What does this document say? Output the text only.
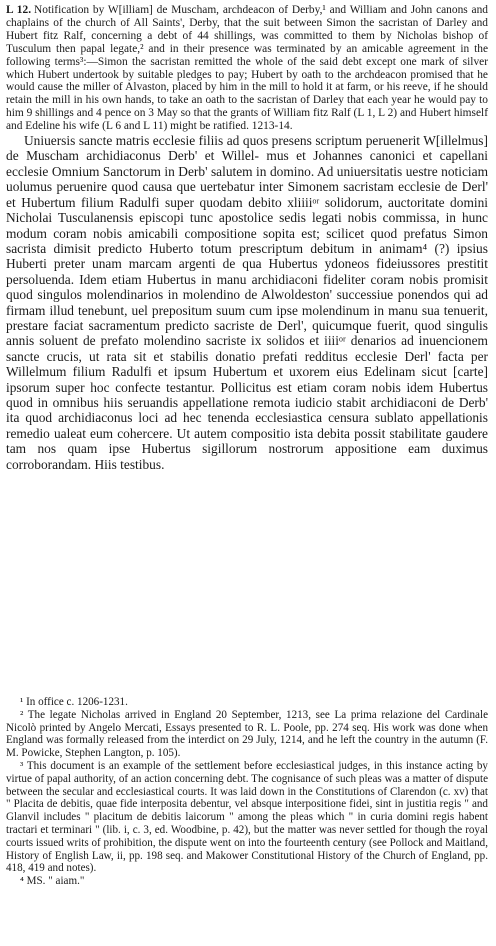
L 12. Notification by W[illiam] de Muscham, archdeacon of Derby,¹ and William and John canons and chaplains of the church of All Saints', Derby, that the suit between Simon the sacristan of Darley and Hubert fitz Ralf, concerning a debt of 44 shillings, was committed to them by Nicholas bishop of Tusculum then papal legate,² and in their presence was terminated by an amicable agreement in the following terms³:—Simon the sacristan remitted the whole of the said debt except one mark of silver which Hubert undertook by suitable pledges to pay; Hubert by oath to the archdeacon promised that he would cause the miller of Alvaston, placed by him in the mill to hold it at farm, or his reeve, if he should retain the mill in his own hands, to take an oath to the sacristan of Darley that each year he would pay to him 9 shillings and 4 pence on 3 May so that the grants of William fitz Ralf (L 1, L 2) and Hubert himself and Edeline his wife (L 6 and L 11) might be ratified. 1213-14.

Uniuersis sancte matris ecclesie filiis ad quos presens scriptum peruenerit W[illelmus] de Muscham archidiaconus Derb' et Willel- mus et Johannes canonici et capellani ecclesie Omnium Sanctorum in Derb' salutem in domino. Ad uniuersitatis uestre noticiam uolumus peruenire quod causa que uertebatur inter Simonem sacristam ecclesie de Derl' et Hubertum filium Radulfi super quodam debito xliiiiᵒʳ solidorum, auctoritate domini Nicholai Tusculanensis episcopi tunc apostolice sedis legati nobis commissa, in hunc modum coram nobis amicabili compositione sopita est; scilicet quod prefatus Simon sacrista dimisit predicto Huberto totum prescriptum debitum in animam⁴ (?) ipsius Huberti preter unam marcam argenti de qua Hubertus ydoneos fideiussores prestitit persoluenda. Idem etiam Hubertus in manu archidiaconi fideliter coram nobis promisit quod singulos molendinarios in molendino de Alwoldeston' successiue ponendos qui ad firmam illud tenebunt, uel prepositum suum cum ipse molendinum in manu sua tenuerit, prestare faciat sacramentum predicto sacriste de Derl', quicumque fuerit, quod singulis annis soluent de prefato molendino sacriste ix solidos et iiiiᵒʳ denarios ad inuencionem sancte crucis, ut rata sit et stabilis donatio prefati redditus ecclesie Derl' facta per Willelmum filium Radulfi et ipsum Hubertum et uxorem eius Edelinam sicut [carte] ipsorum super hoc confecte testantur. Pollicitus est etiam coram nobis idem Hubertus quod in omnibus hiis seruandis appellatione remota iudicio stabit archidiaconi de Derb' ita quod archidiaconus loci ad hec tenenda ecclesiastica censura sublato appellationis remedio ualeat eum cohercere. Ut autem compositio ista debita possit stabilitate gaudere tam nos quam ipse Hubertus sigillorum nostrorum appositione eam duximus corroborandam. Hiis testibus.

¹ In office c. 1206-1231.

² The legate Nicholas arrived in England 20 September, 1213, see La prima relazione del Cardinale Nicolò printed by Angelo Mercati, Essays presented to R. L. Poole, pp. 274 seq. His work was done when England was formally released from the interdict on 29 July, 1214, and he left the country in the autumn (F. M. Powicke, Stephen Langton, p. 105).

³ This document is an example of the settlement before ecclesiastical judges, in this instance acting by virtue of papal authority, of an action concerning debt. The cognisance of such pleas was a matter of dispute between the secular and ecclesiastical courts. It was laid down in the Constitutions of Clarendon (c. xv) that " Placita de debitis, quae fide interposita debentur, vel absque interpositione fidei, sint in justitia regis " and Glanvil includes " placitum de debitis laicorum " among the pleas which " in curia domini regis habent tractari et terminari " (lib. i, c. 3, ed. Woodbine, p. 42), but the matter was never settled for though the royal courts issued writs of prohibition, the dispute went on into the fourteenth century (see Pollock and Maitland, History of English Law, ii, pp. 198 seq. and Makower Constitutional History of the Church of England, pp. 418, 419 and notes).

⁴ MS. " aiam."
